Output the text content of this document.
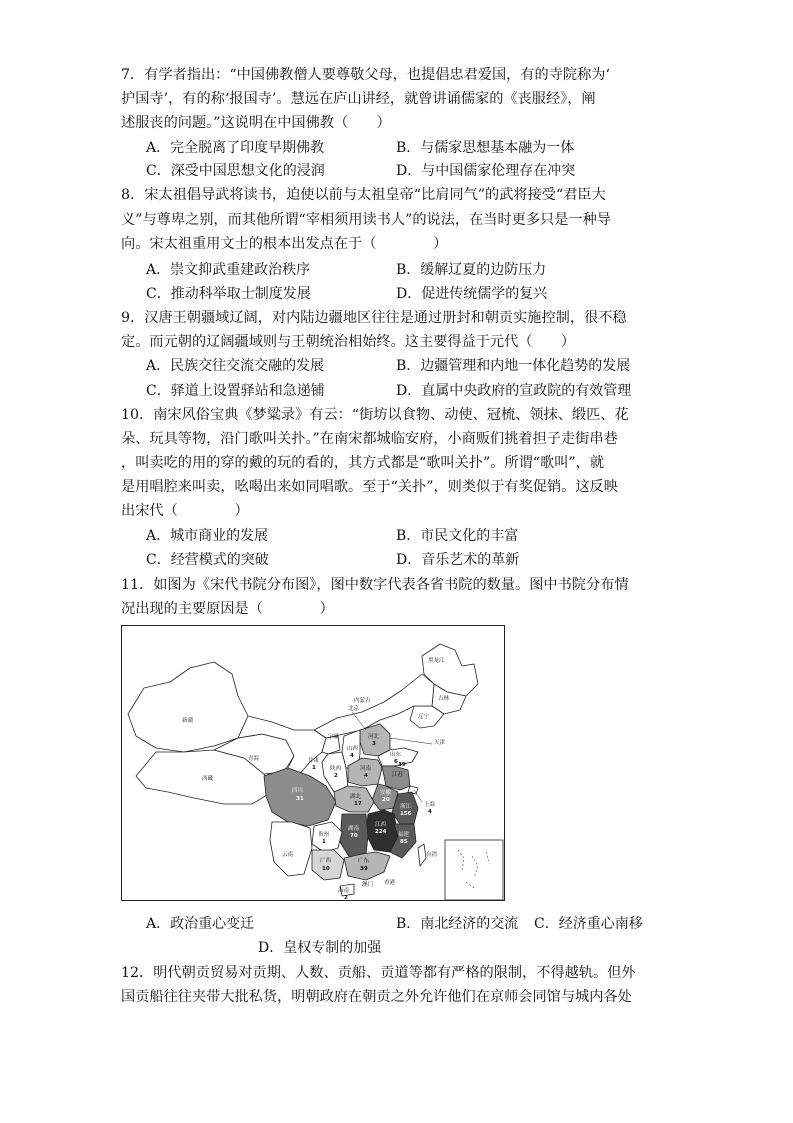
7．有学者指出：“中国佛教僧人要尊敬父母，也提倡忠君爱国，有的寺院称为‘
护国寺’，有的称‘报国寺’。慧远在庐山讲经，就曾讲诵儒家的《丧服经》，阐
述服丧的问题。”这说明在中国佛教（　　）
A．完全脱离了印度早期佛教	B．与儒家思想基本融为一体
C．深受中国思想文化的浸润	D．与中国儒家伦理存在冲突
8．宋太祖倡导武将读书，迫使以前与太祖皇帝“比肩同气”的武将接受“君臣大
义”与尊卑之别，而其他所谓“宰相须用读书人”的说法，在当时更多只是一种导
向。宋太祖重用文士的根本出发点在于（　　　　）
A．崇文抑武重建政治秩序	B．缓解辽夏的边防压力
C．推动科举取士制度发展	D．促进传统儒学的复兴
9．汉唐王朝疆域辽阔，对内陆边疆地区往往是通过册封和朝贡实施控制，很不稳
定。而元朝的辽阔疆域则与王朝统治相始终。这主要得益于元代（　　）
A．民族交往交流交融的发展	B．边疆管理和内地一体化趋势的发展
C．驿道上设置驿站和急递铺	D．直属中央政府的宣政院的有效管理
10．南宋风俗宝典《梦粱录》有云：“街坊以食物、动使、冠梳、领抹、缎匹、花
朵、玩具等物，沿门歌叫关扑。”在南宋都城临安府，小商贩们挑着担子走街串巷
，叫卖吃的用的穿的戴的玩的看的，其方式都是“歌叫关扑”。所谓“歌叫”，就
是用唱腔来叫卖，吆喝出来如同唱歌。至于“关扑”，则类似于有奖促销。这反映
出宋代（　　　　）
A．城市商业的发展	B．市民文化的丰富
C．经营模式的突破	D．音乐艺术的革新
11．如图为《宋代书院分布图》，图中数字代表各省书院的数量。图中书院分布情
况出现的主要原因是（　　　　）
黑龙江
吉林
内蒙古
辽宁
北京
天津
新疆
宁夏	河北
3
山西
4	山东
6
青海	甘肃
1	陕西
2
河南
4	江苏
39
西藏
四川
31	湖北
17
安徽
20
上海
4
浙江
156
江西
224
湖南
70	福建
85
贵州
1
云南
广西
10
广东
39
台湾
澳门 香港
海南
2
A．政治重心变迁	B．南北经济的交流 C．经济重心南移
D．皇权专制的加强
12．明代朝贡贸易对贡期、人数、贡船、贡道等都有严格的限制，不得越轨。但外
国贡船往往夹带大批私货，明朝政府在朝贡之外允许他们在京师会同馆与城内各处
